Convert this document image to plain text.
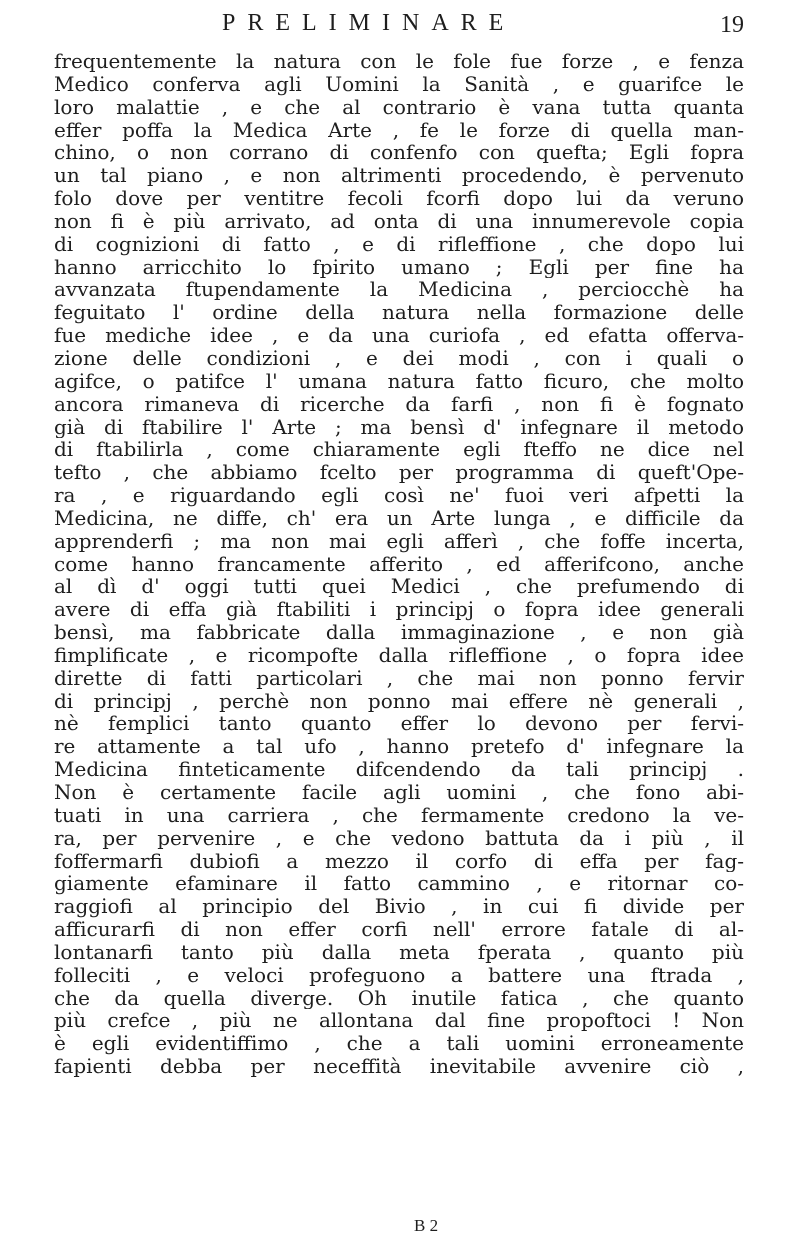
PRELIMINARE	19
frequentemente la natura con le fole fue forze , e fenza
Medico conferva agli Uomini la Sanità , e guarifce le
loro malattie , e che al contrario è vana tutta quanta
effer poffa la Medica Arte , fe le forze di quella man-
chino, o non corrano di confenfo con quefta; Egli fopra
un tal piano , e non altrimenti procedendo, è pervenuto
folo dove per ventitre fecoli fcorfi dopo lui da veruno
non fi è più arrivato, ad onta di una innumerevole copia
di cognizioni di fatto , e di rifleffione , che dopo lui
hanno arricchito lo fpirito umano ; Egli per fine ha
avvanzata ftupendamente la Medicina , perciocchè ha
feguitato l' ordine della natura nella formazione delle
fue mediche idee , e da una curiofa , ed efatta offerva-
zione delle condizioni , e dei modi , con i quali o
agifce, o patifce l' umana natura fatto ficuro, che molto
ancora rimaneva di ricerche da farfi , non fi è fognato
già di ftabilire l' Arte ; ma bensì d' infegnare il metodo
di ftabilirla , come chiaramente egli fteffo ne dice nel
tefto , che abbiamo fcelto per programma di queft'Ope-
ra , e riguardando egli così ne' fuoi veri afpetti la
Medicina, ne diffe, ch' era un Arte lunga , e difficile da
apprenderfi ; ma non mai egli afferì , che foffe incerta,
come hanno francamente afferito , ed afferifcono, anche
al dì d' oggi tutti quei Medici , che prefumendo di
avere di effa già ftabiliti i principj o fopra idee generali
bensì, ma fabbricate dalla immaginazione , e non già
fimplificate , e ricompofte dalla rifleffione , o fopra idee
dirette di fatti particolari , che mai non ponno fervir
di principj , perchè non ponno mai effere nè generali ,
nè femplici tanto quanto effer lo devono per fervi-
re attamente a tal ufo , hanno pretefo d' infegnare la
Medicina finteticamente difcendendo da tali principj .
Non è certamente facile agli uomini , che fono abi-
tuati in una carriera , che fermamente credono la ve-
ra, per pervenire , e che vedono battuta da i più , il
foffermarfi dubiofi a mezzo il corfo di effa per fag-
giamente efaminare il fatto cammino , e ritornar co-
raggiofi al principio del Bivio , in cui fi divide per
afficurarfi di non effer corfi nell' errore fatale di al-
lontanarfi tanto più dalla meta fperata , quanto più
folleciti , e veloci profeguono a battere una ftrada ,
che da quella diverge. Oh inutile fatica , che quanto
più crefce , più ne allontana dal fine propoftoci ! Non
è egli evidentiffimo , che a tali uomini erroneamente
fapienti debba per neceffità inevitabile avvenire ciò ,
B 2
